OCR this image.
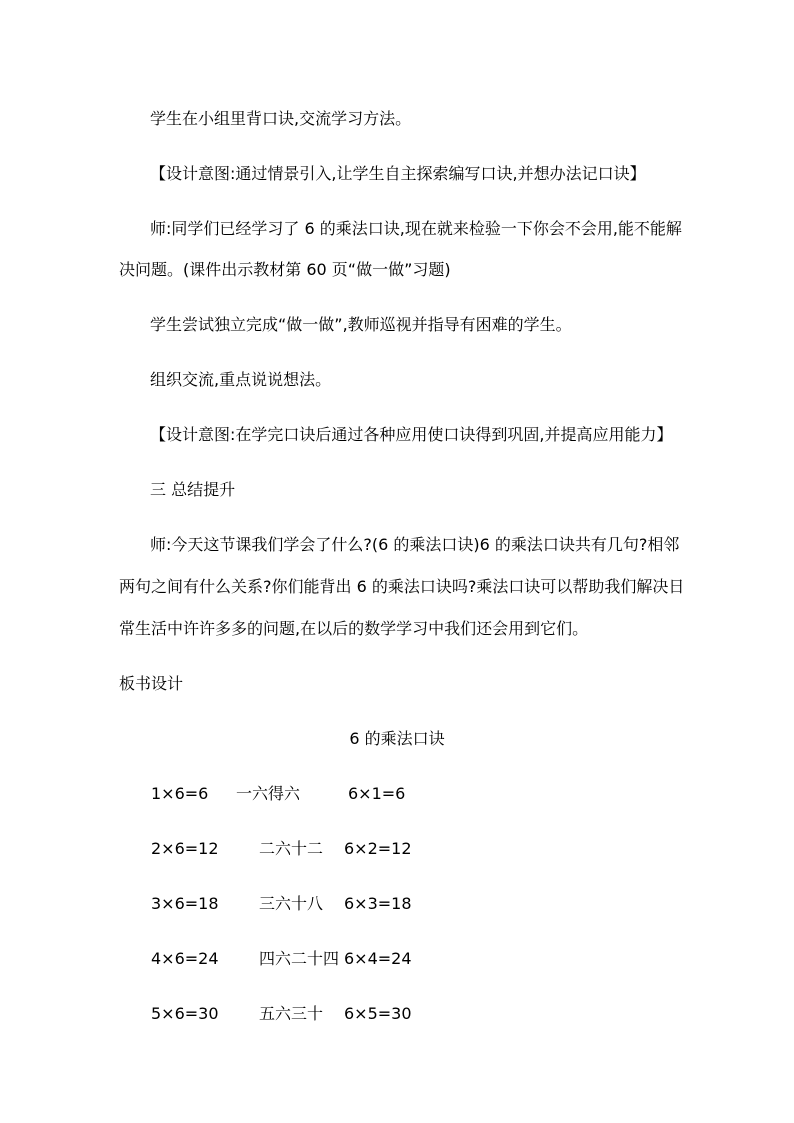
学生在小组里背口诀,交流学习方法。
【设计意图:通过情景引入,让学生自主探索编写口诀,并想办法记口诀】
师:同学们已经学习了 6 的乘法口诀,现在就来检验一下你会不会用,能不能解
决问题。(课件出示教材第 60 页“做一做”习题)
学生尝试独立完成“做一做”,教师巡视并指导有困难的学生。
组织交流,重点说说想法。
【设计意图:在学完口诀后通过各种应用使口诀得到巩固,并提高应用能力】
三 总结提升
师:今天这节课我们学会了什么?(6 的乘法口诀)6 的乘法口诀共有几句?相邻
两句之间有什么关系?你们能背出 6 的乘法口诀吗?乘法口诀可以帮助我们解决日
常生活中许许多多的问题,在以后的数学学习中我们还会用到它们。
板书设计
6 的乘法口诀
1×6=6 一六得六	6×1=6
2×6=12	二六十二 6×2=12
3×6=18	三六十八 6×3=18
4×6=24	四六二十四 6×4=24
5×6=30	五六三十 6×5=30
